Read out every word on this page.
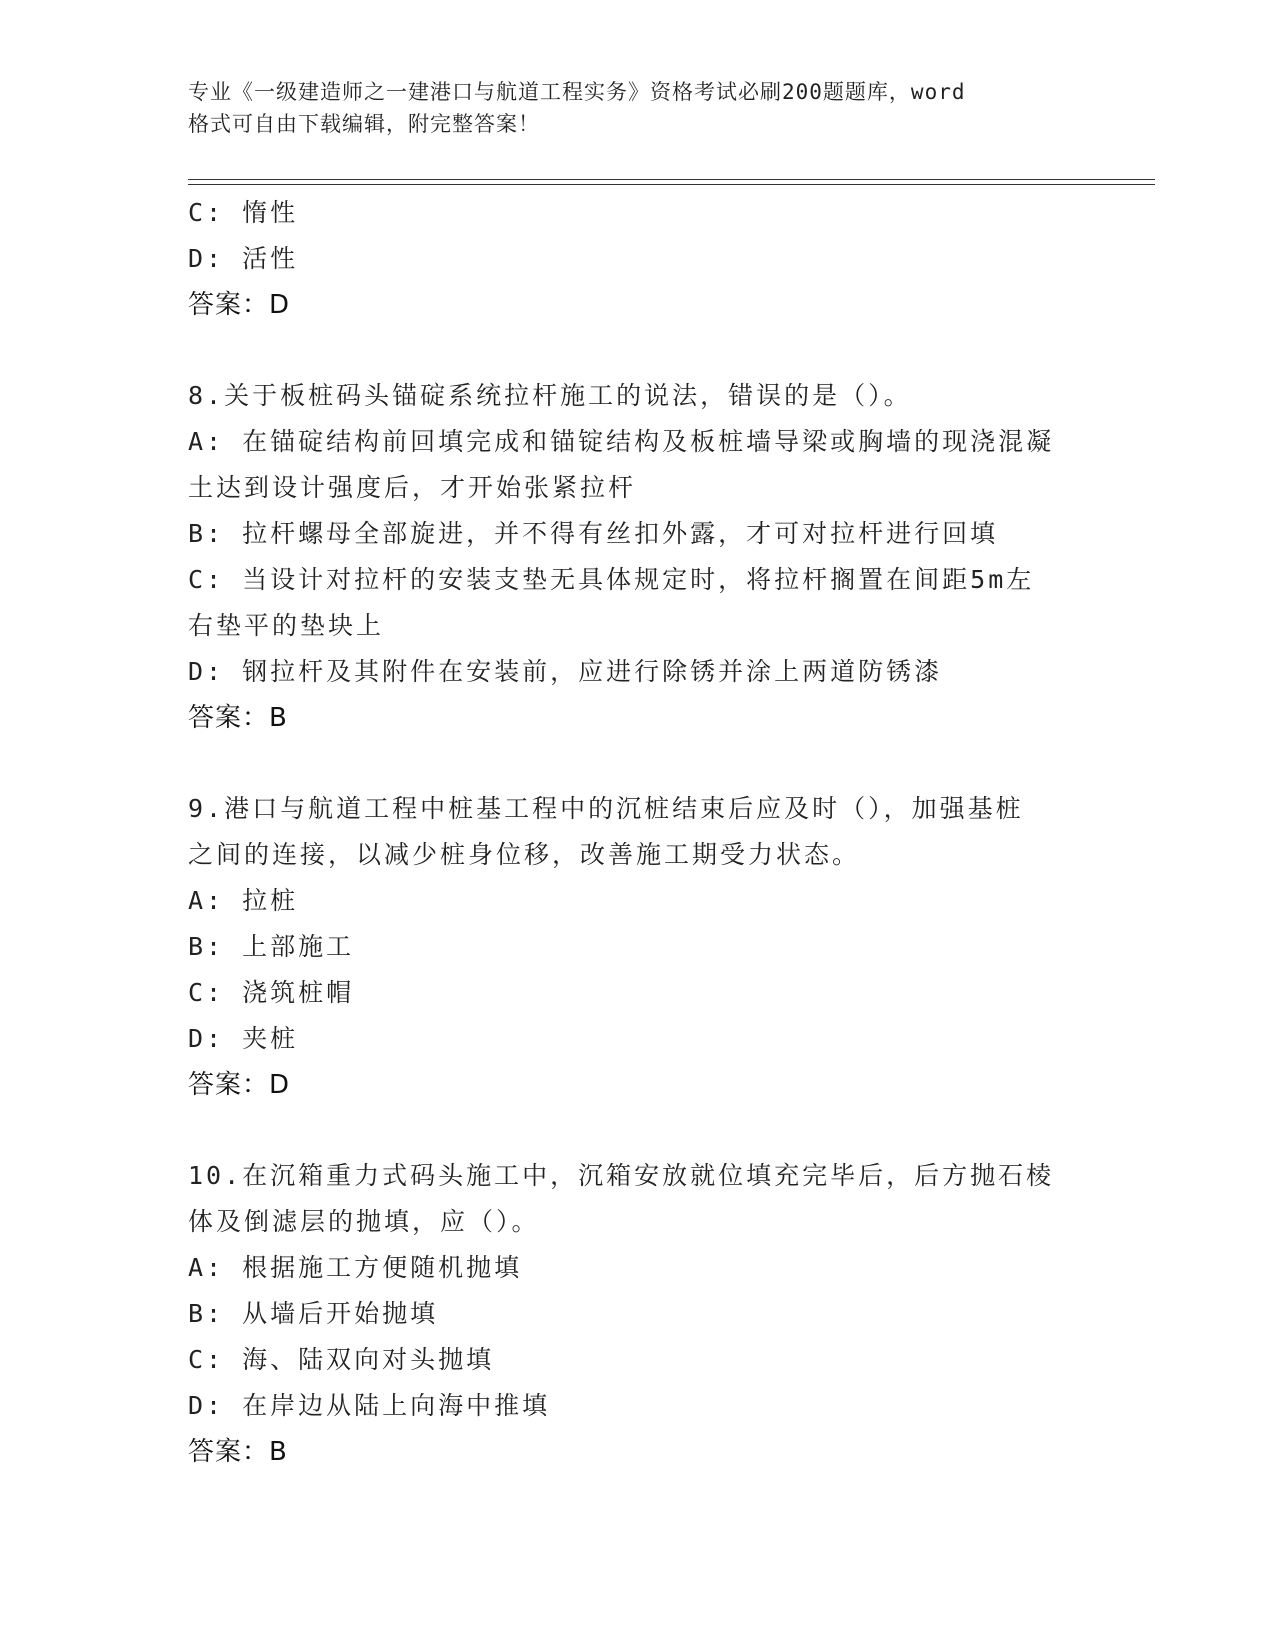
专业《一级建造师之一建港口与航道工程实务》资格考试必刷200题题库，word
格式可自由下载编辑，附完整答案！
C: 惰性
D: 活性
答案：D
8.关于板桩码头锚碇系统拉杆施工的说法，错误的是（）。
A: 在锚碇结构前回填完成和锚锭结构及板桩墙导梁或胸墙的现浇混凝
土达到设计强度后，才开始张紧拉杆
B: 拉杆螺母全部旋进，并不得有丝扣外露，才可对拉杆进行回填
C: 当设计对拉杆的安装支垫无具体规定时，将拉杆搁置在间距5m左
右垫平的垫块上
D: 钢拉杆及其附件在安装前，应进行除锈并涂上两道防锈漆
答案：B
9.港口与航道工程中桩基工程中的沉桩结束后应及时（），加强基桩
之间的连接，以减少桩身位移，改善施工期受力状态。
A: 拉桩
B: 上部施工
C: 浇筑桩帽
D: 夹桩
答案：D
10.在沉箱重力式码头施工中，沉箱安放就位填充完毕后，后方抛石棱
体及倒滤层的抛填，应（）。
A: 根据施工方便随机抛填
B: 从墙后开始抛填
C: 海、陆双向对头抛填
D: 在岸边从陆上向海中推填
答案：B
